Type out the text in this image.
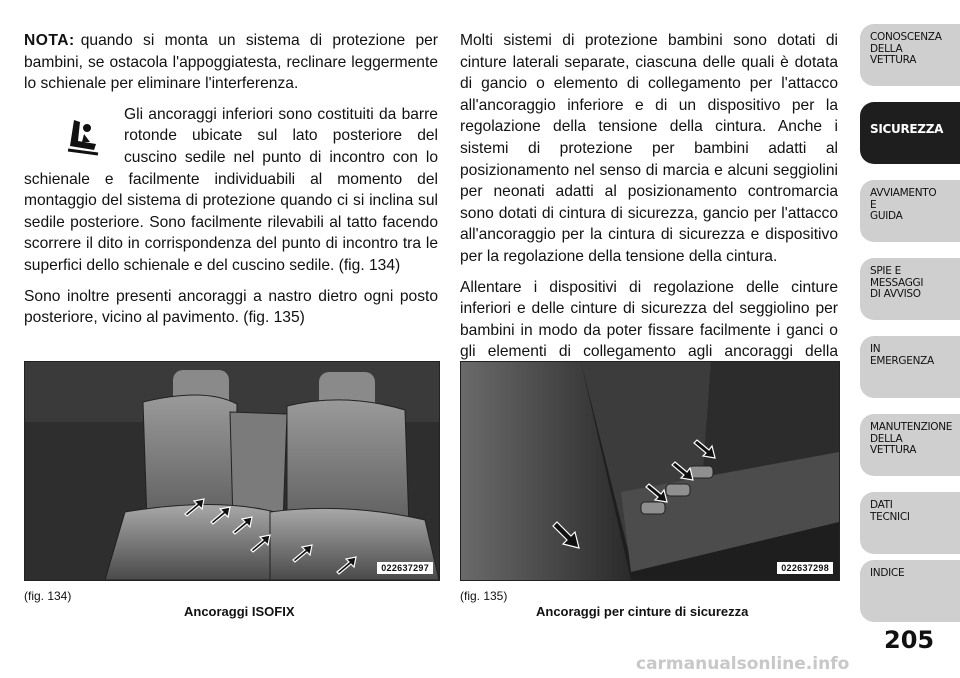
NOTA: quando si monta un sistema di protezione per bambini, se ostacola l'appoggiatesta, reclinare leggermente lo schienale per eliminare l'interferenza.

Gli ancoraggi inferiori sono costituiti da barre rotonde ubicate sul lato posteriore del cuscino sedile nel punto di incontro con lo schienale e facilmente individuabili al momento del montaggio del sistema di protezione quando ci si inclina sul sedile posteriore. Sono facilmente rilevabili al tatto facendo scorrere il dito in corrispondenza del punto di incontro tra le superfici dello schienale e del cuscino sedile. (fig. 134)

Sono inoltre presenti ancoraggi a nastro dietro ogni posto posteriore, vicino al pavimento. (fig. 135)

Molti sistemi di protezione bambini sono dotati di cinture laterali separate, ciascuna delle quali è dotata di gancio o elemento di collegamento per l'attacco all'ancoraggio inferiore e di un dispositivo per la regolazione della tensione della cintura. Anche i sistemi di protezione per bambini adatti al posizionamento nel senso di marcia e alcuni seggiolini per neonati adatti al posizionamento contromarcia sono dotati di cintura di sicurezza, gancio per l'attacco all'ancoraggio per la cintura di sicurezza e dispositivo per la regolazione della tensione della cintura.

Allentare i dispositivi di regolazione delle cinture inferiori e delle cinture di sicurezza del seggiolino per bambini in modo da poter fissare facilmente i ganci o gli elementi di collegamento agli ancoraggi della

022637297	022637298
(fig. 134)
Ancoraggi ISOFIX
(fig. 135)
Ancoraggi per cinture di sicurezza
CONOSCENZA
DELLA
VETTURA
SICUREZZA
AVVIAMENTO
E
GUIDA
SPIE E
MESSAGGI
DI AVVISO
IN
EMERGENZA
MANUTENZIONE
DELLA
VETTURA
DATI
TECNICI
INDICE
205
carmanualsonline.info
